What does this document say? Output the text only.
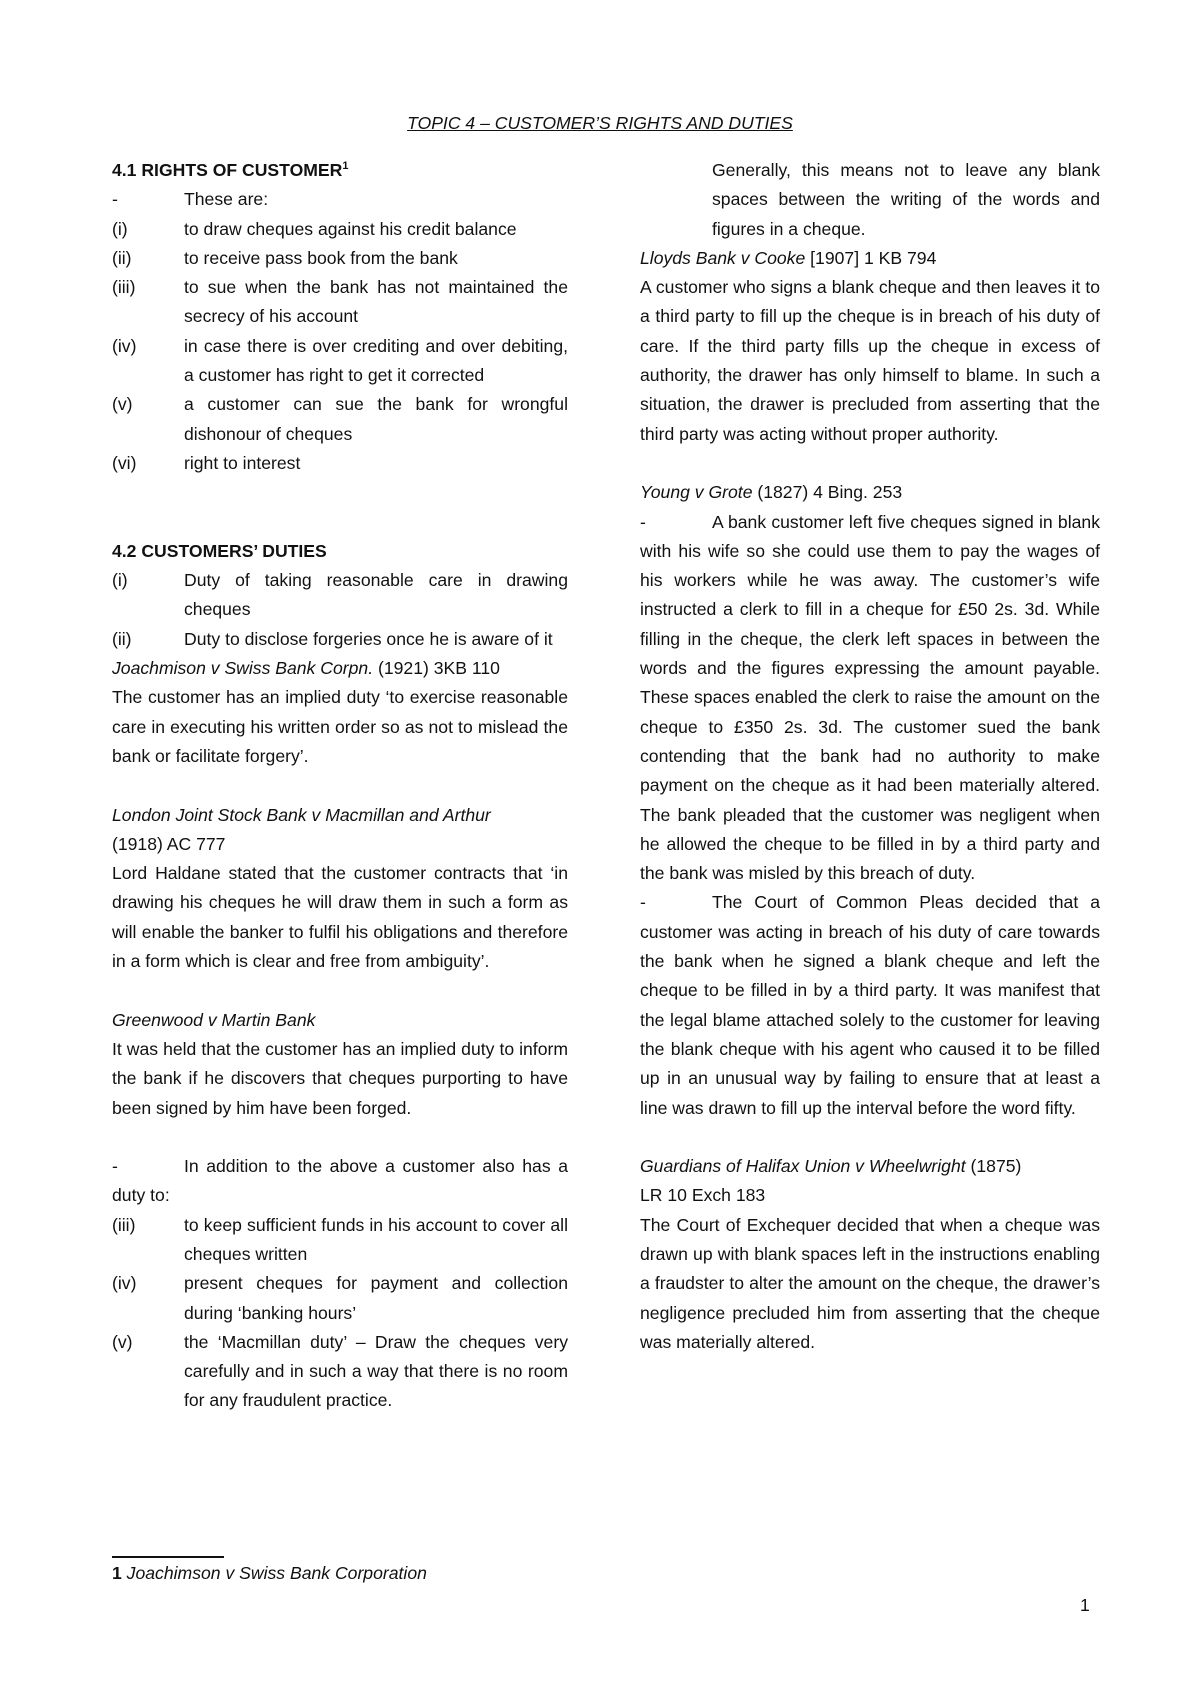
TOPIC 4 – CUSTOMER’S RIGHTS AND DUTIES
4.1 RIGHTS OF CUSTOMER$^1$
-	These are:
(i)	to draw cheques against his credit balance
(ii)	to receive pass book from the bank
(iii)	to sue when the bank has not maintained the secrecy of his account
(iv)	in case there is over crediting and over debiting, a customer has right to get it corrected
(v)	a customer can sue the bank for wrongful dishonour of cheques
(vi)	right to interest
4.2 CUSTOMERS’ DUTIES
(i)	Duty of taking reasonable care in drawing cheques
(ii)	Duty to disclose forgeries once he is aware of it
Joachmison v Swiss Bank Corpn. (1921) 3KB 110
The customer has an implied duty ‘to exercise reasonable care in executing his written order so as not to mislead the bank or facilitate forgery’.
London Joint Stock Bank v Macmillan and Arthur
(1918) AC 777
Lord Haldane stated that the customer contracts that ‘in drawing his cheques he will draw them in such a form as will enable the banker to fulfil his obligations and therefore in a form which is clear and free from ambiguity’.
Greenwood v Martin Bank
It was held that the customer has an implied duty to inform the bank if he discovers that cheques purporting to have been signed by him have been forged.
-	In addition to the above a customer also has a duty to:
(iii)	to keep sufficient funds in his account to cover all cheques written
(iv)	present cheques for payment and collection during ‘banking hours’
(v)	the ‘Macmillan duty’ – Draw the cheques very carefully and in such a way that there is no room for any fraudulent practice.
Generally, this means not to leave any blank spaces between the writing of the words and figures in a cheque.
Lloyds Bank v Cooke [1907] 1 KB 794
A customer who signs a blank cheque and then leaves it to a third party to fill up the cheque is in breach of his duty of care. If the third party fills up the cheque in excess of authority, the drawer has only himself to blame. In such a situation, the drawer is precluded from asserting that the third party was acting without proper authority.
Young v Grote (1827) 4 Bing. 253
-	A bank customer left five cheques signed in blank with his wife so she could use them to pay the wages of his workers while he was away. The customer’s wife instructed a clerk to fill in a cheque for £50 2s. 3d. While filling in the cheque, the clerk left spaces in between the words and the figures expressing the amount payable. These spaces enabled the clerk to raise the amount on the cheque to £350 2s. 3d. The customer sued the bank contending that the bank had no authority to make payment on the cheque as it had been materially altered. The bank pleaded that the customer was negligent when he allowed the cheque to be filled in by a third party and the bank was misled by this breach of duty.
-	The Court of Common Pleas decided that a customer was acting in breach of his duty of care towards the bank when he signed a blank cheque and left the cheque to be filled in by a third party. It was manifest that the legal blame attached solely to the customer for leaving the blank cheque with his agent who caused it to be filled up in an unusual way by failing to ensure that at least a line was drawn to fill up the interval before the word fifty.
Guardians of Halifax Union v Wheelwright (1875)
LR 10 Exch 183
The Court of Exchequer decided that when a cheque was drawn up with blank spaces left in the instructions enabling a fraudster to alter the amount on the cheque, the drawer’s negligence precluded him from asserting that the cheque was materially altered.
1 Joachimson v Swiss Bank Corporation
1
